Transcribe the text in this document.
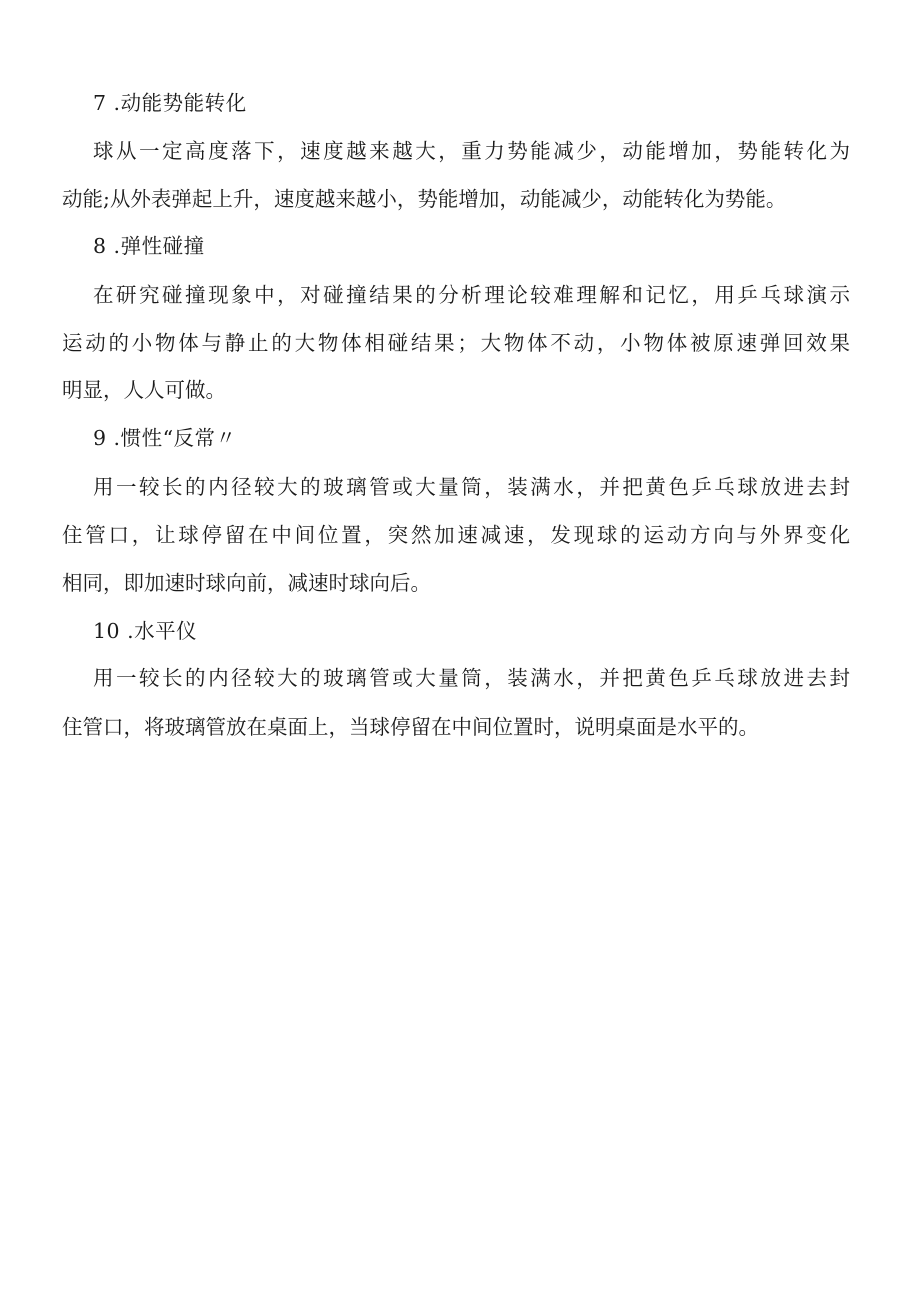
7 .动能势能转化
球从一定高度落下，速度越来越大，重力势能减少，动能增加，势能转化为
动能;从外表弹起上升，速度越来越小，势能增加，动能减少，动能转化为势能。
8 .弹性碰撞
在研究碰撞现象中，对碰撞结果的分析理论较难理解和记忆，用乒乓球演示
运动的小物体与静止的大物体相碰结果；大物体不动，小物体被原速弹回效果
明显，人人可做。
9 .惯性“反常〃
用一较长的内径较大的玻璃管或大量筒，装满水，并把黄色乒乓球放进去封
住管口，让球停留在中间位置，突然加速减速，发现球的运动方向与外界变化
相同，即加速时球向前，减速时球向后。
10 .水平仪
用一较长的内径较大的玻璃管或大量筒，装满水，并把黄色乒乓球放进去封
住管口，将玻璃管放在桌面上，当球停留在中间位置时，说明桌面是水平的。
